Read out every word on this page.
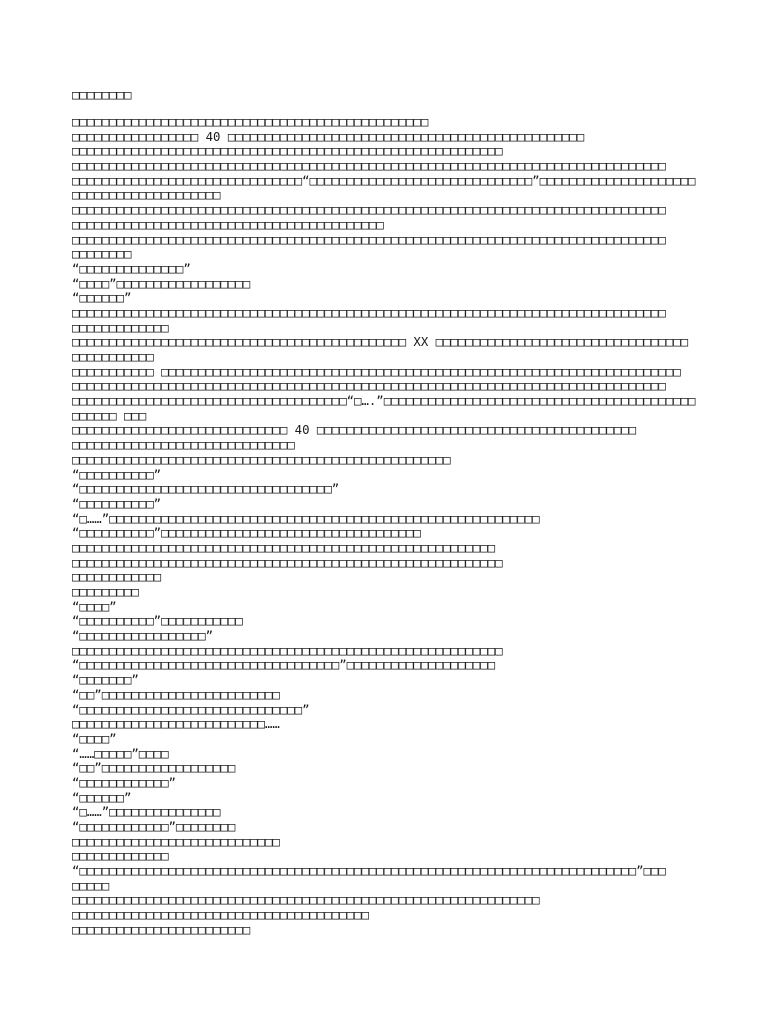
□□□□□□□□
□□□□□□□□□□□□□□□□□□□□□□□□□□□□□□□□□□□□□□□□□□□□□□□□
□□□□□□□□□□□□□□□□□ 40 □□□□□□□□□□□□□□□□□□□□□□□□□□□□□□□□□□□□□□□□□□□□□□□□
□□□□□□□□□□□□□□□□□□□□□□□□□□□□□□□□□□□□□□□□□□□□□□□□□□□□□□□□□□
□□□□□□□□□□□□□□□□□□□□□□□□□□□□□□□□□□□□□□□□□□□□□□□□□□□□□□□□□□□□□□□□□□□□□□□□□□□□□□□□
□□□□□□□□□□□□□□□□□□□□□□□□□□□□□□□“□□□□□□□□□□□□□□□□□□□□□□□□□□□□□□”□□□□□□□□□□□□□□□□□□□□□
□□□□□□□□□□□□□□□□□□□□
□□□□□□□□□□□□□□□□□□□□□□□□□□□□□□□□□□□□□□□□□□□□□□□□□□□□□□□□□□□□□□□□□□□□□□□□□□□□□□□□
□□□□□□□□□□□□□□□□□□□□□□□□□□□□□□□□□□□□□□□□□□
□□□□□□□□□□□□□□□□□□□□□□□□□□□□□□□□□□□□□□□□□□□□□□□□□□□□□□□□□□□□□□□□□□□□□□□□□□□□□□□□
□□□□□□□□
“□□□□□□□□□□□□□□”
“□□□□”□□□□□□□□□□□□□□□□□□
“□□□□□□”
□□□□□□□□□□□□□□□□□□□□□□□□□□□□□□□□□□□□□□□□□□□□□□□□□□□□□□□□□□□□□□□□□□□□□□□□□□□□□□□□
□□□□□□□□□□□□□
□□□□□□□□□□□□□□□□□□□□□□□□□□□□□□□□□□□□□□□□□□□□□ XX □□□□□□□□□□□□□□□□□□□□□□□□□□□□□□□□□□
□□□□□□□□□□□
□□□□□□□□□□□ □□□□□□□□□□□□□□□□□□□□□□□□□□□□□□□□□□□□□□□□□□□□□□□□□□□□□□□□□□□□□□□□□□□□□□
□□□□□□□□□□□□□□□□□□□□□□□□□□□□□□□□□□□□□□□□□□□□□□□□□□□□□□□□□□□□□□□□□□□□□□□□□□□□□□□□
□□□□□□□□□□□□□□□□□□□□□□□□□□□□□□□□□□□□□“□….”□□□□□□□□□□□□□□□□□□□□□□□□□□□□□□□□□□□□□□□□□□
□□□□□□ □□□
□□□□□□□□□□□□□□□□□□□□□□□□□□□□□ 40 □□□□□□□□□□□□□□□□□□□□□□□□□□□□□□□□□□□□□□□□□□□
□□□□□□□□□□□□□□□□□□□□□□□□□□□□□□
□□□□□□□□□□□□□□□□□□□□□□□□□□□□□□□□□□□□□□□□□□□□□□□□□□□
“□□□□□□□□□□”
“□□□□□□□□□□□□□□□□□□□□□□□□□□□□□□□□□□”
“□□□□□□□□□□”
“□……”□□□□□□□□□□□□□□□□□□□□□□□□□□□□□□□□□□□□□□□□□□□□□□□□□□□□□□□□□□
“□□□□□□□□□□”□□□□□□□□□□□□□□□□□□□□□□□□□□□□□□□□□□□
□□□□□□□□□□□□□□□□□□□□□□□□□□□□□□□□□□□□□□□□□□□□□□□□□□□□□□□□□
□□□□□□□□□□□□□□□□□□□□□□□□□□□□□□□□□□□□□□□□□□□□□□□□□□□□□□□□□□
□□□□□□□□□□□□
□□□□□□□□□
“□□□□”
“□□□□□□□□□□”□□□□□□□□□□□
“□□□□□□□□□□□□□□□□□”
□□□□□□□□□□□□□□□□□□□□□□□□□□□□□□□□□□□□□□□□□□□□□□□□□□□□□□□□□□
“□□□□□□□□□□□□□□□□□□□□□□□□□□□□□□□□□□□”□□□□□□□□□□□□□□□□□□□□
“□□□□□□□”
“□□”□□□□□□□□□□□□□□□□□□□□□□□□
“□□□□□□□□□□□□□□□□□□□□□□□□□□□□□□”
□□□□□□□□□□□□□□□□□□□□□□□□□□……
“□□□□”
“……□□□□□”□□□□
“□□”□□□□□□□□□□□□□□□□□□
“□□□□□□□□□□□□”
“□□□□□□”
“□……”□□□□□□□□□□□□□□□
“□□□□□□□□□□□□”□□□□□□□□
□□□□□□□□□□□□□□□□□□□□□□□□□□□□
□□□□□□□□□□□□□
“□□□□□□□□□□□□□□□□□□□□□□□□□□□□□□□□□□□□□□□□□□□□□□□□□□□□□□□□□□□□□□□□□□□□□□□□□□□”□□□
□□□□□
□□□□□□□□□□□□□□□□□□□□□□□□□□□□□□□□□□□□□□□□□□□□□□□□□□□□□□□□□□□□□□□
□□□□□□□□□□□□□□□□□□□□□□□□□□□□□□□□□□□□□□□□
□□□□□□□□□□□□□□□□□□□□□□□□
